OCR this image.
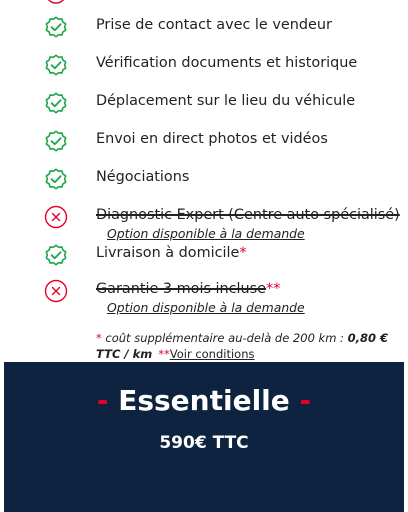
Prise de contact avec le vendeur
Vérification documents et historique
Déplacement sur le lieu du véhicule
Envoi en direct photos et vidéos
Négociations
Diagnostic Expert (Centre auto spécialisé)
Option disponible à la demande
Livraison à domicile*
Garantie 3 mois incluse**
Option disponible à la demande
* coût supplémentaire au-delà de 200 km : 0,80 € TTC / km **Voir conditions
- Essentielle -
590€ TTC
